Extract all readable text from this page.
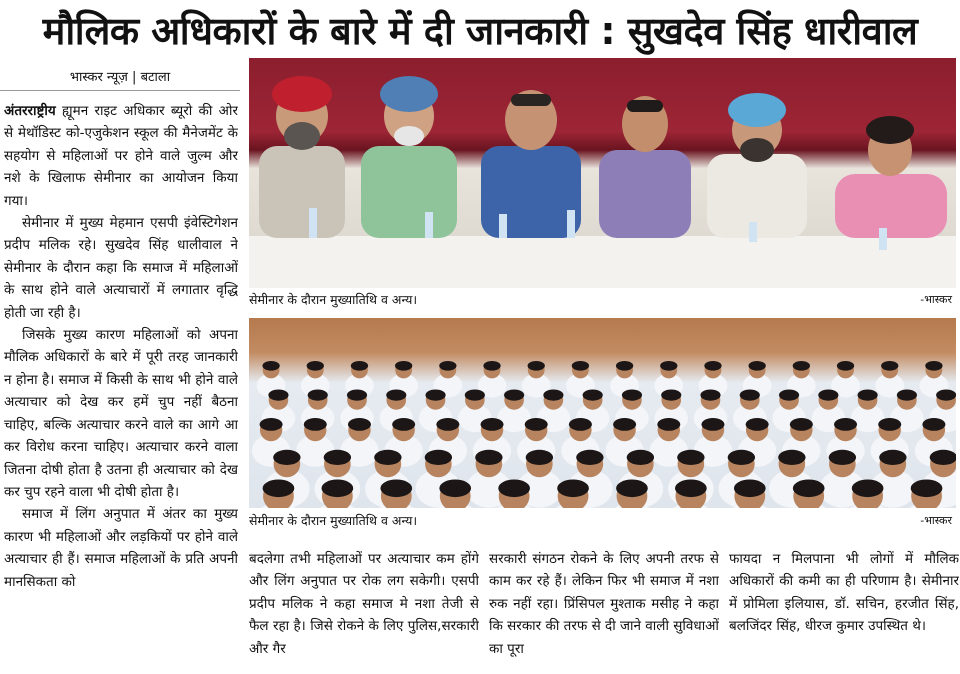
मौलिक अधिकारों के बारे में दी जानकारी : सुखदेव सिंह धारीवाल
भास्कर न्यूज़ | बटाला

अंतरराष्ट्रीय ह्यूमन राइट अधिकार ब्यूरो की ओर से मेथॉडिस्ट को-एजुकेशन स्कूल की मैनेजमेंट के सहयोग से महिलाओं पर होने वाले जुल्म और नशे के खिलाफ सेमीनार का आयोजन किया गया।

सेमीनार में मुख्य मेहमान एसपी इंवेस्टिगेशन प्रदीप मलिक रहे। सुखदेव सिंह धालीवाल ने सेमीनार के दौरान कहा कि समाज में महिलाओं के साथ होने वाले अत्याचारों में लगातार वृद्धि होती जा रही है।

जिसके मुख्य कारण महिलाओं को अपना मौलिक अधिकारों के बारे में पूरी तरह जानकारी न होना है। समाज में किसी के साथ भी होने वाले अत्याचार को देख कर हमें चुप नहीं बैठना चाहिए, बल्कि अत्याचार करने वाले का आगे आ कर विरोध करना चाहिए। अत्याचार करने वाला जितना दोषी होता है उतना ही अत्याचार को देख कर चुप रहने वाला भी दोषी होता है।

समाज में लिंग अनुपात में अंतर का मुख्य कारण भी महिलाओं और लड़कियों पर होने वाले अत्याचार ही हैं। समाज महिलाओं के प्रति अपनी मानसिकता को

सेमीनार के दौरान मुख्यातिथि व अन्य।	-भास्कर
सेमीनार के दौरान मुख्यातिथि व अन्य।	-भास्कर
बदलेगा तभी महिलाओं पर अत्याचार कम होंगे और लिंग अनुपात पर रोक लग सकेगी। एसपी प्रदीप मलिक ने कहा समाज मे नशा तेजी से फैल रहा है। जिसे रोकने के लिए पुलिस,सरकारी और गैर
सरकारी संगठन रोकने के लिए अपनी तरफ से काम कर रहे हैं। लेकिन फिर भी समाज में नशा रुक नहीं रहा। प्रिंसिपल मुश्ताक मसीह ने कहा कि सरकार की तरफ से दी जाने वाली सुविधाओं का पूरा
फायदा न मिलपाना भी लोगों में मौलिक अधिकारों की कमी का ही परिणाम है। सेमीनार में प्रोमिला इलियास, डॉ. सचिन, हरजीत सिंह, बलजिंदर सिंह, धीरज कुमार उपस्थित थे।
